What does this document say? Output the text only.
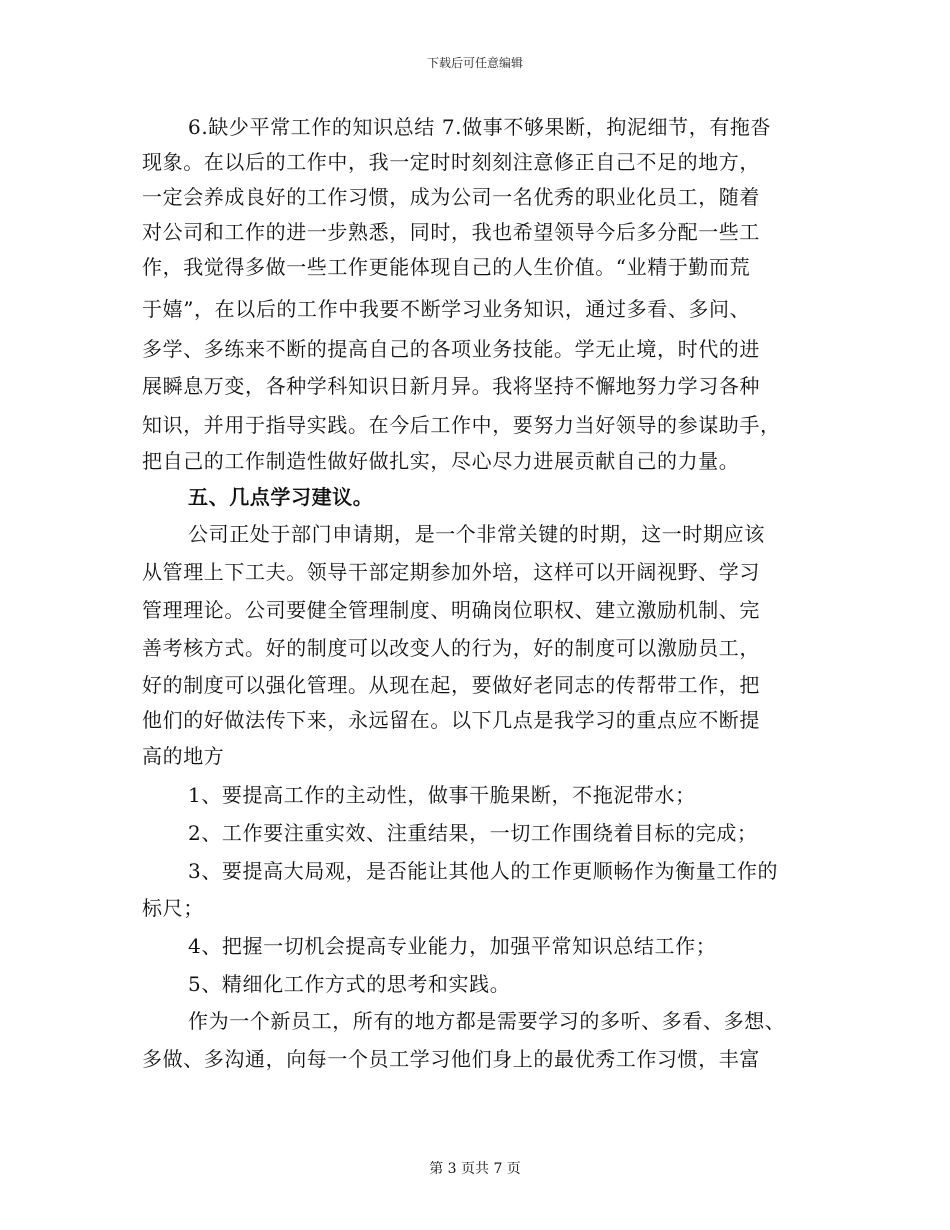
下载后可任意编辑
6.缺少平常工作的知识总结 7.做事不够果断，拘泥细节，有拖沓
现象。在以后的工作中，我一定时时刻刻注意修正自己不足的地方，
一定会养成良好的工作习惯，成为公司一名优秀的职业化员工，随着
对公司和工作的进一步熟悉，同时，我也希望领导今后多分配一些工
作，我觉得多做一些工作更能体现自己的人生价值。“业精于勤而荒
于嬉”，在以后的工作中我要不断学习业务知识，通过多看、多问、
多学、多练来不断的提高自己的各项业务技能。学无止境，时代的进
展瞬息万变，各种学科知识日新月异。我将坚持不懈地努力学习各种
知识，并用于指导实践。在今后工作中，要努力当好领导的参谋助手，
把自己的工作制造性做好做扎实，尽心尽力进展贡献自己的力量。
五、几点学习建议。
公司正处于部门申请期，是一个非常关键的时期，这一时期应该
从管理上下工夫。领导干部定期参加外培，这样可以开阔视野、学习
管理理论。公司要健全管理制度、明确岗位职权、建立激励机制、完
善考核方式。好的制度可以改变人的行为，好的制度可以激励员工，
好的制度可以强化管理。从现在起，要做好老同志的传帮带工作，把
他们的好做法传下来，永远留在。以下几点是我学习的重点应不断提
高的地方
1、要提高工作的主动性，做事干脆果断，不拖泥带水；
2、工作要注重实效、注重结果，一切工作围绕着目标的完成；
3、要提高大局观，是否能让其他人的工作更顺畅作为衡量工作的
标尺；
4、把握一切机会提高专业能力，加强平常知识总结工作；
5、精细化工作方式的思考和实践。
作为一个新员工，所有的地方都是需要学习的多听、多看、多想、
多做、多沟通，向每一个员工学习他们身上的最优秀工作习惯，丰富
第 3 页共 7 页
